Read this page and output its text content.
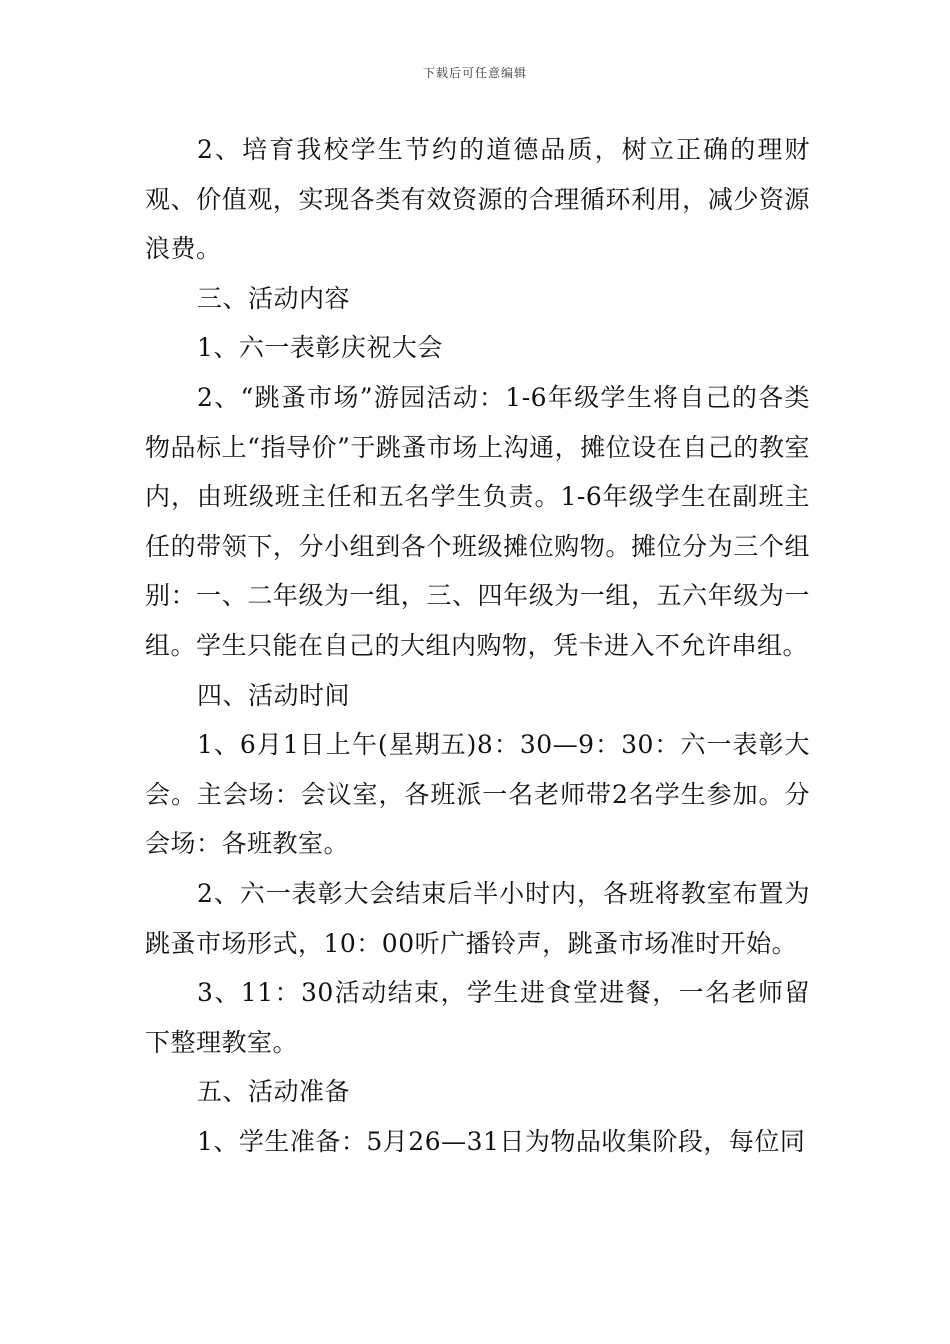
下载后可任意编辑

2、培育我校学生节约的道德品质，树立正确的理财观、价值观，实现各类有效资源的合理循环利用，减少资源浪费。

三、活动内容

1、六一表彰庆祝大会

2、“跳蚤市场”游园活动：1-6年级学生将自己的各类物品标上“指导价”于跳蚤市场上沟通，摊位设在自己的教室内，由班级班主任和五名学生负责。1-6年级学生在副班主任的带领下，分小组到各个班级摊位购物。摊位分为三个组别：一、二年级为一组，三、四年级为一组，五六年级为一组。学生只能在自己的大组内购物，凭卡进入不允许串组。

四、活动时间

1、6月1日上午(星期五)8：30—9：30：六一表彰大会。主会场：会议室，各班派一名老师带2名学生参加。分会场：各班教室。

2、六一表彰大会结束后半小时内，各班将教室布置为跳蚤市场形式，10：00听广播铃声，跳蚤市场准时开始。

3、11：30活动结束，学生进食堂进餐，一名老师留下整理教室。

五、活动准备

1、学生准备：5月26—31日为物品收集阶段，每位同
